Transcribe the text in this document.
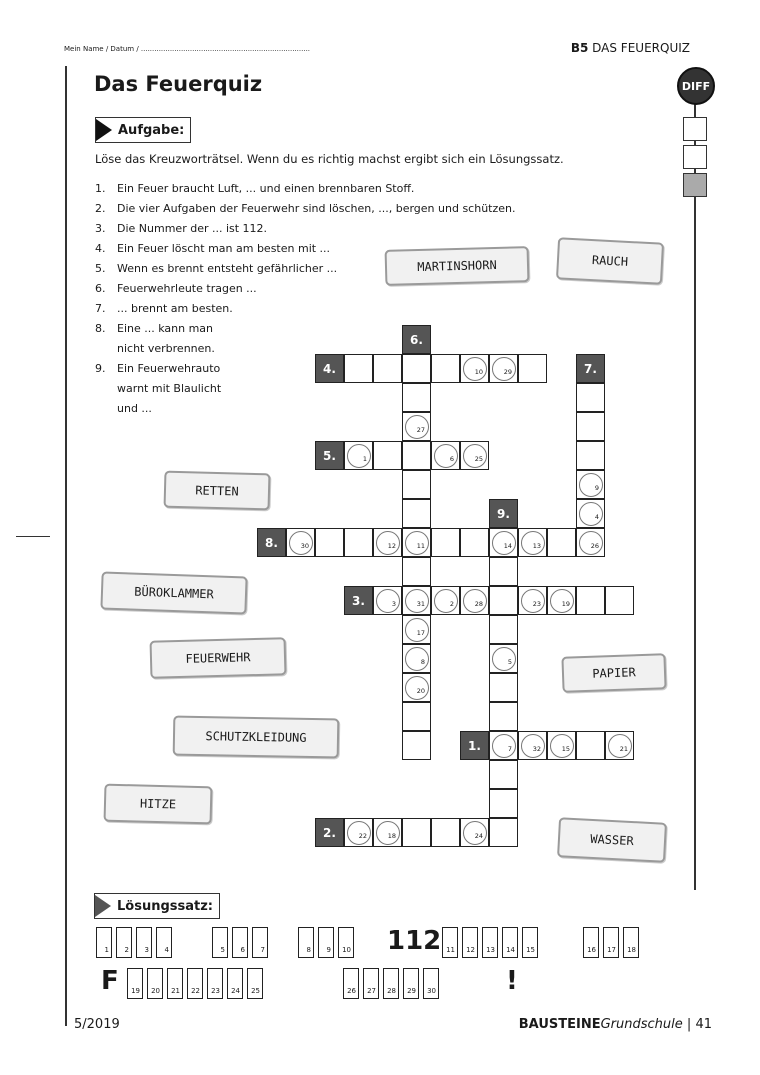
Mein Name / Datum / ............................................................................	B5 DAS FEUERQUIZ
DIFF
Das Feuerquiz
Aufgabe:
Löse das Kreuzworträtsel. Wenn du es richtig machst ergibt sich ein Lösungssatz.
1. Ein Feuer braucht Luft, ... und einen brennbaren Stoff.
2. Die vier Aufgaben der Feuerwehr sind löschen, ..., bergen und schützen.
3. Die Nummer der ... ist 112.
4. Ein Feuer löscht man am besten mit ...
5. Wenn es brennt entsteht gefährlicher ...
6. Feuerwehrleute tragen ...
7. ... brennt am besten.
8. Eine ... kann man
nicht verbrennen.
9. Ein Feuerwehrauto
warnt mit Blaulicht
und ...
MARTINSHORN	RAUCH
RETTEN
BÜROKLAMMER
FEUERWEHR
PAPIER
SCHUTZKLEIDUNG
HITZE
WASSER
4.	10	29
6.
27
11
31
17
8
20
7.
9
4
26
5.	1	6	25
9.
14
5
7
8.	30	12	13
3.	3	2	28	23	19
1.	32	15	21
2.	22	18	24
Lösungssatz:
1 2 3 4	5 6 7	8 9 10	11 12 13 14 15	16 17 18
19 20 21 22 23 24 25	26 27 28 29 30
112
F	!
5/2019	BAUSTEINEGrundschule | 41
